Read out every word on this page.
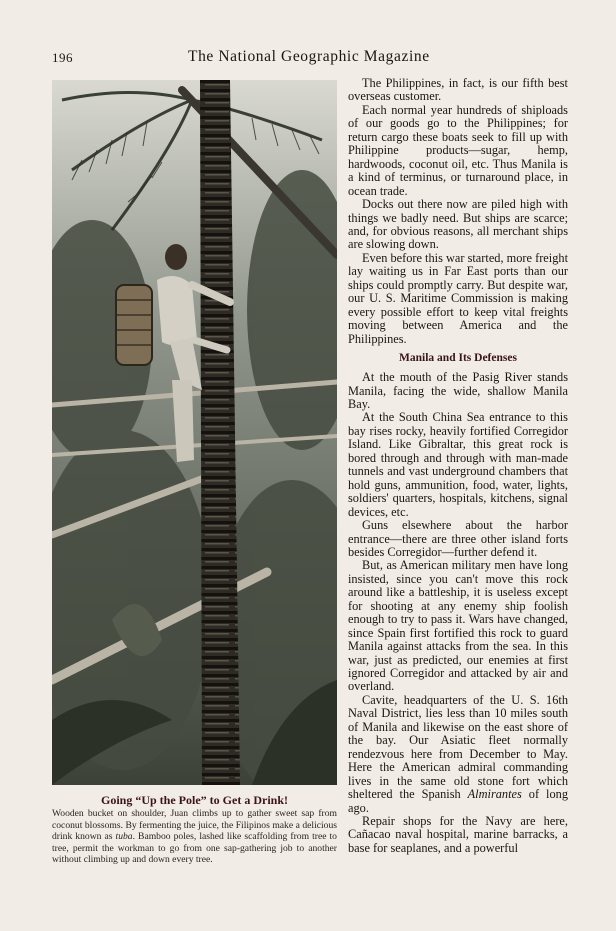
196	The National Geographic Magazine
Going “Up the Pole” to Get a Drink!
Wooden bucket on shoulder, Juan climbs up to gather sweet sap from coconut blossoms. By fermenting the juice, the Filipinos make a delicious drink known as tuba. Bamboo poles, lashed like scaffolding from tree to tree, permit the workman to go from one sap-gathering job to another without climbing up and down every tree.

The Philippines, in fact, is our fifth best overseas customer.

Each normal year hundreds of shiploads of our goods go to the Philippines; for return cargo these boats seek to fill up with Philippine products—sugar, hemp, hardwoods, coconut oil, etc. Thus Manila is a kind of terminus, or turnaround place, in ocean trade.

Docks out there now are piled high with things we badly need. But ships are scarce; and, for obvious reasons, all merchant ships are slowing down.

Even before this war started, more freight lay waiting us in Far East ports than our ships could promptly carry. But despite war, our U. S. Maritime Commission is making every possible effort to keep vital freights moving between America and the Philippines.

Manila and Its Defenses

At the mouth of the Pasig River stands Manila, facing the wide, shallow Manila Bay.

At the South China Sea entrance to this bay rises rocky, heavily fortified Corregidor Island. Like Gibraltar, this great rock is bored through and through with man-made tunnels and vast underground chambers that hold guns, ammunition, food, water, lights, soldiers' quarters, hospitals, kitchens, signal devices, etc.

Guns elsewhere about the harbor entrance—there are three other island forts besides Corregidor—further defend it.

But, as American military men have long insisted, since you can't move this rock around like a battleship, it is useless except for shooting at any enemy ship foolish enough to try to pass it. Wars have changed, since Spain first fortified this rock to guard Manila against attacks from the sea. In this war, just as predicted, our enemies at first ignored Corregidor and attacked by air and overland.

Cavite, headquarters of the U. S. 16th Naval District, lies less than 10 miles south of Manila and likewise on the east shore of the bay. Our Asiatic fleet normally rendezvous here from December to May. Here the American admiral commanding lives in the same old stone fort which sheltered the Spanish Almirantes of long ago.

Repair shops for the Navy are here, Cañacao naval hospital, marine barracks, a base for seaplanes, and a powerful
